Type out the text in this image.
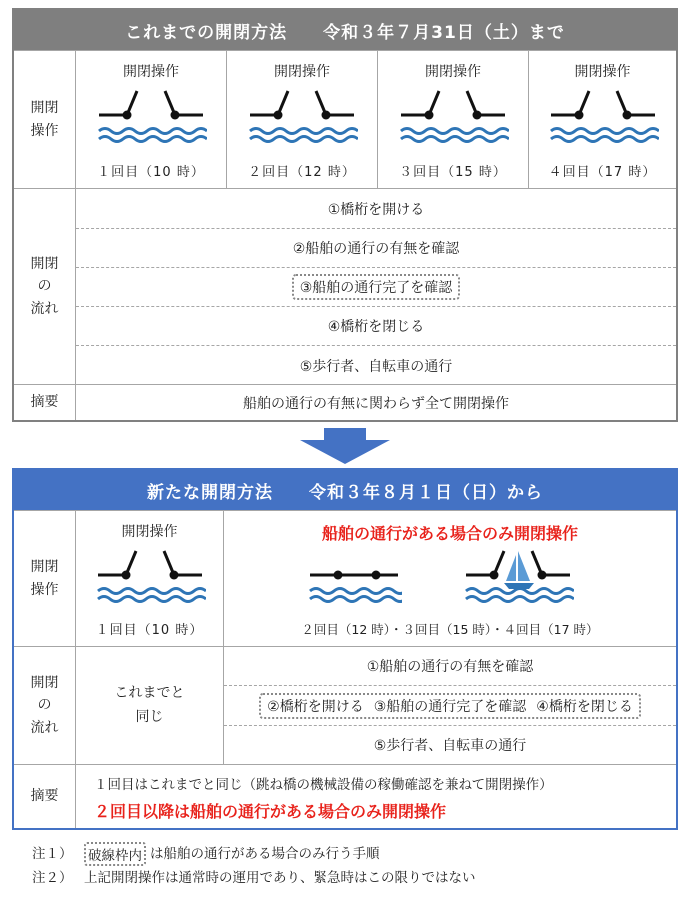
これまでの開閉方法 令和３年７月31日（土）まで
開閉
操作
開閉操作
１回目（10 時）
開閉操作
２回目（12 時）
開閉操作
３回目（15 時）
開閉操作
４回目（17 時）
開閉
の
流れ
①橋桁を開ける
②船舶の通行の有無を確認
③船舶の通行完了を確認
④橋桁を閉じる
⑤歩行者、自転車の通行
摘要	船舶の通行の有無に関わらず全て開閉操作
新たな開閉方法 令和３年８月１日（日）から
開閉
操作
開閉操作
１回目（10 時）
船舶の通行がある場合のみ開閉操作
２回目（12 時）・３回目（15 時）・４回目（17 時）
開閉
の
流れ
これまでと
同じ
①船舶の通行の有無を確認
②橋桁を開ける ③船舶の通行完了を確認 ④橋桁を閉じる
⑤歩行者、自転車の通行
摘要
１回目はこれまでと同じ（跳ね橋の機械設備の稼働確認を兼ねて開閉操作）
２回目以降は船舶の通行がある場合のみ開閉操作
注１）	破線枠内 は船舶の通行がある場合のみ行う手順
注２） 上記開閉操作は通常時の運用であり、緊急時はこの限りではない
